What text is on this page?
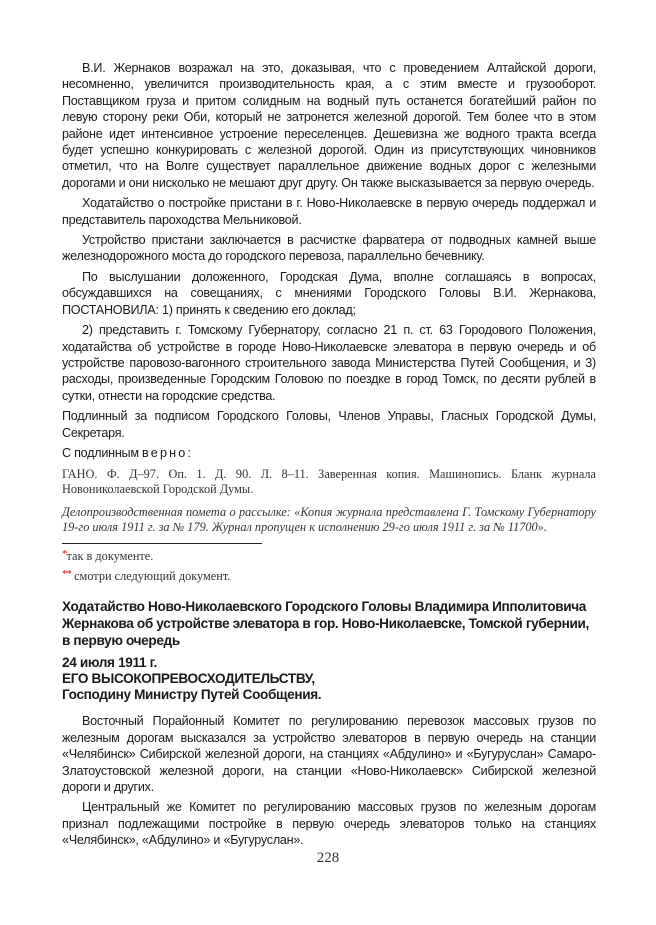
В.И. Жернаков возражал на это, доказывая, что с проведением Алтайской дороги, несомненно, увеличится производительность края, а с этим вместе и грузооборот. Поставщиком груза и притом солидным на водный путь останется богатейший район по левую сторону реки Оби, который не затронется железной дорогой. Тем более что в этом районе идет интенсивное устроение переселенцев. Дешевизна же водного тракта всегда будет успешно конкурировать с железной дорогой. Один из присутствующих чиновников отметил, что на Волге существует параллельное движение водных дорог с железными дорогами и они нисколько не мешают друг другу. Он также высказывается за первую очередь.

Ходатайство о постройке пристани в г. Ново-Николаевске в первую очередь поддержал и представитель пароходства Мельниковой.

Устройство пристани заключается в расчистке фарватера от подводных камней выше железнодорожного моста до городского перевоза, параллельно бечевнику.

По выслушании доложенного, Городская Дума, вполне соглашаясь в вопросах, обсуждавшихся на совещаниях, с мнениями Городского Головы В.И. Жернакова, ПОСТАНОВИЛА: 1) принять к сведению его доклад;

2) представить г. Томскому Губернатору, согласно 21 п. ст. 63 Городового Положения, ходатайства об устройстве в городе Ново-Николаевске элеватора в первую очередь и об устройстве паровозо-вагонного строительного завода Министерства Путей Сообщения, и 3) расходы, произведенные Городским Головою по поездке в город Томск, по десяти рублей в сутки, отнести на городские средства.

Подлинный за подписом Городского Головы, Членов Управы, Гласных Городской Думы, Секретаря.

С подлинным верно:

ГАНО. Ф. Д–97. Оп. 1. Д. 90. Л. 8–11. Заверенная копия. Машинопись. Бланк журнала Новониколаевской Городской Думы.
Делопроизводственная помета о рассылке: «Копия журнала представлена Г. Томскому Губернатору 19-го июля 1911 г. за № 179. Журнал пропущен к исполнению 29-го июля 1911 г. за № 11700».
*так в документе.
** смотри следующий документ.
Ходатайство Ново-Николаевского Городского Головы Владимира Ипполитовича Жернакова об устройстве элеватора в гор. Ново-Николаевске, Томской губернии, в первую очередь
24 июля 1911 г.
ЕГО ВЫСОКОПРЕВОСХОДИТЕЛЬСТВУ,
Господину Министру Путей Сообщения.

Восточный Порайонный Комитет по регулированию перевозок массовых грузов по железным дорогам высказался за устройство элеваторов в первую очередь на станции «Челябинск» Сибирской железной дороги, на станциях «Абдулино» и «Бугуруслан» Самаро-Златоустовской железной дороги, на станции «Ново-Николаевск» Сибирской железной дороги и других.

Центральный же Комитет по регулированию массовых грузов по железным дорогам признал подлежащими постройке в первую очередь элеваторов только на станциях «Челябинск», «Абдулино» и «Бугуруслан».

228
